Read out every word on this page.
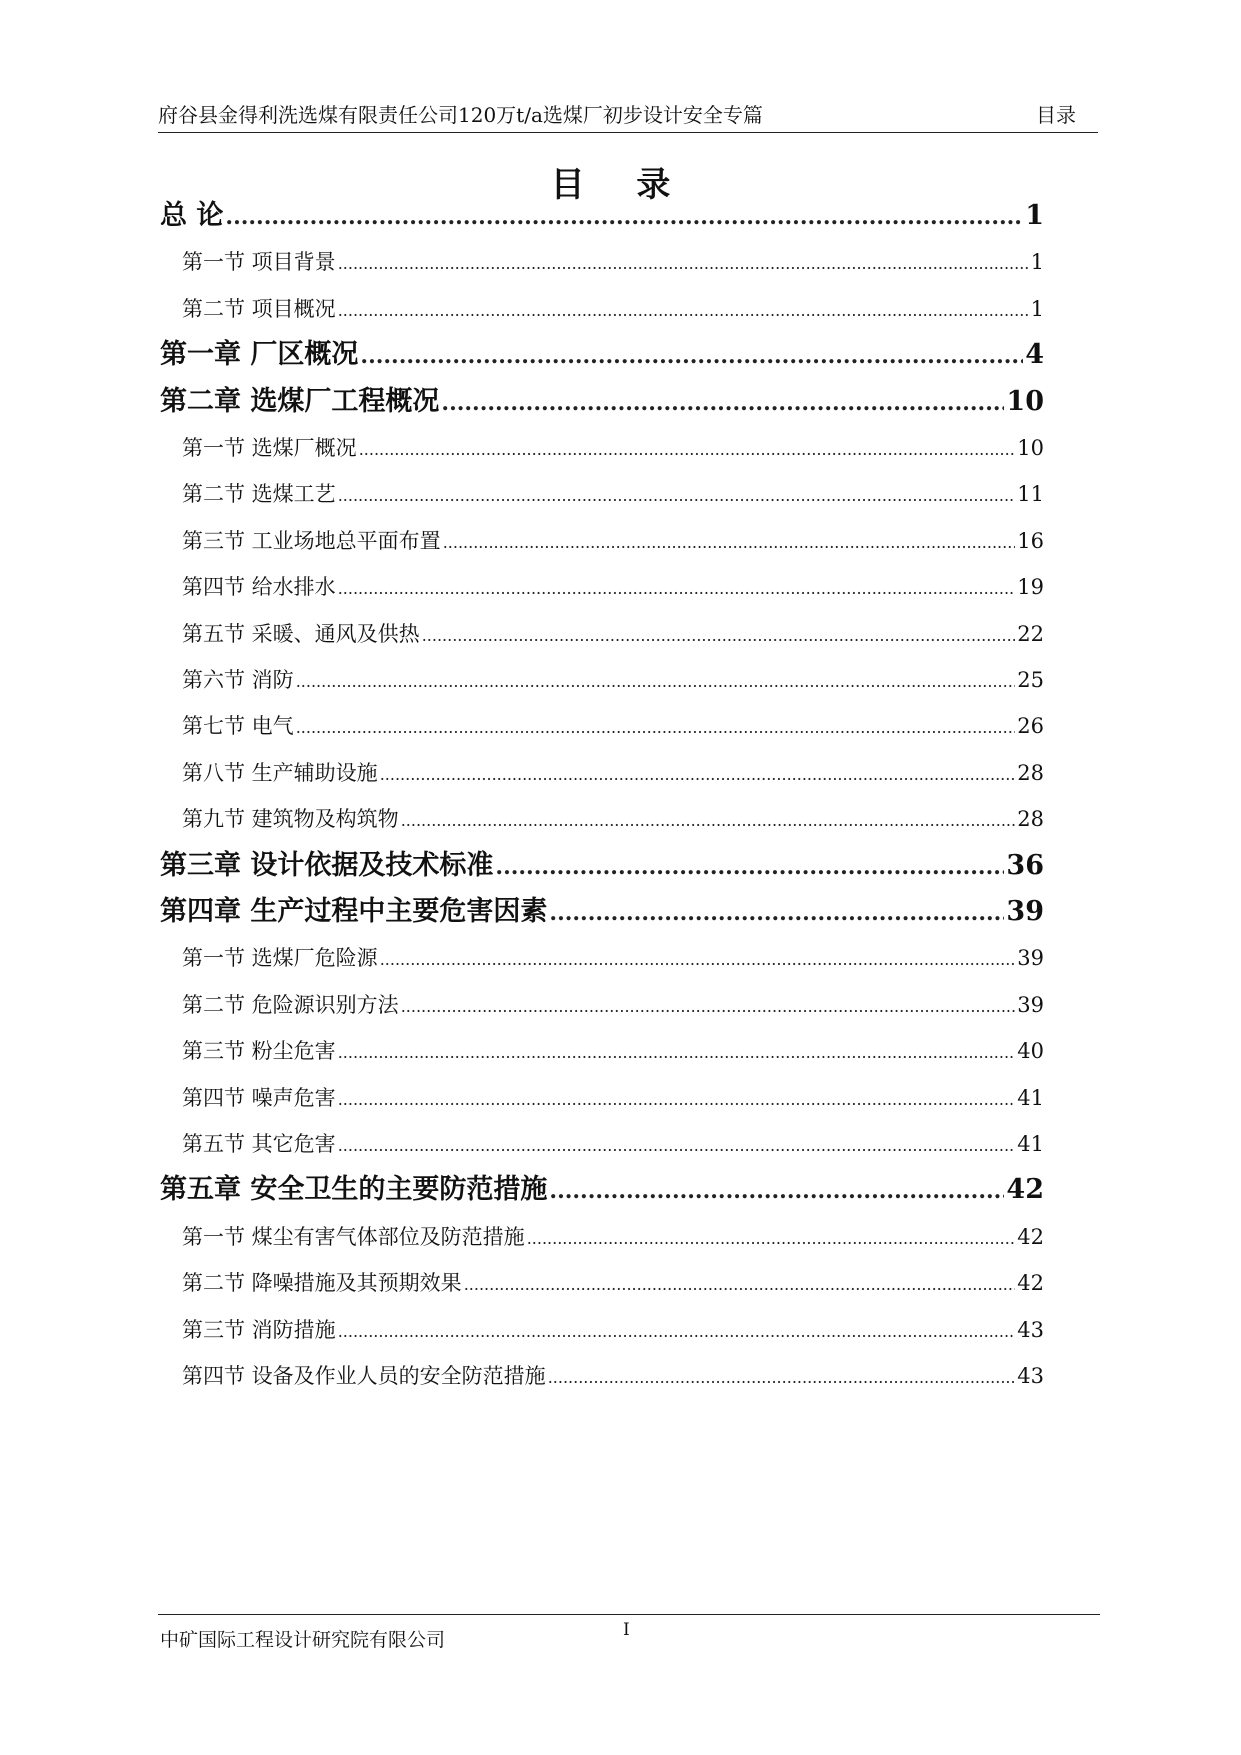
府谷县金得利洗选煤有限责任公司120万t/a选煤厂初步设计安全专篇	目录
目 录
总 论 .....	1
第一节 项目背景 .....	1
第二节 项目概况 .....	1
第一章 厂区概况 .....	4
第二章 选煤厂工程概况 .....	10
第一节 选煤厂概况 .....	10
第二节 选煤工艺 .....	11
第三节 工业场地总平面布置 .....	16
第四节 给水排水 .....	19
第五节 采暖、通风及供热 .....	22
第六节 消防 .....	25
第七节 电气 .....	26
第八节 生产辅助设施 .....	28
第九节 建筑物及构筑物 .....	28
第三章 设计依据及技术标准 .....	36
第四章 生产过程中主要危害因素 .....	39
第一节 选煤厂危险源 .....	39
第二节 危险源识别方法 .....	39
第三节 粉尘危害 .....	40
第四节 噪声危害 .....	41
第五节 其它危害 .....	41
第五章 安全卫生的主要防范措施 .....	42
第一节 煤尘有害气体部位及防范措施 .....	42
第二节 降噪措施及其预期效果 .....	42
第三节 消防措施 .....	43
第四节 设备及作业人员的安全防范措施 .....	43
中矿国际工程设计研究院有限公司	I
